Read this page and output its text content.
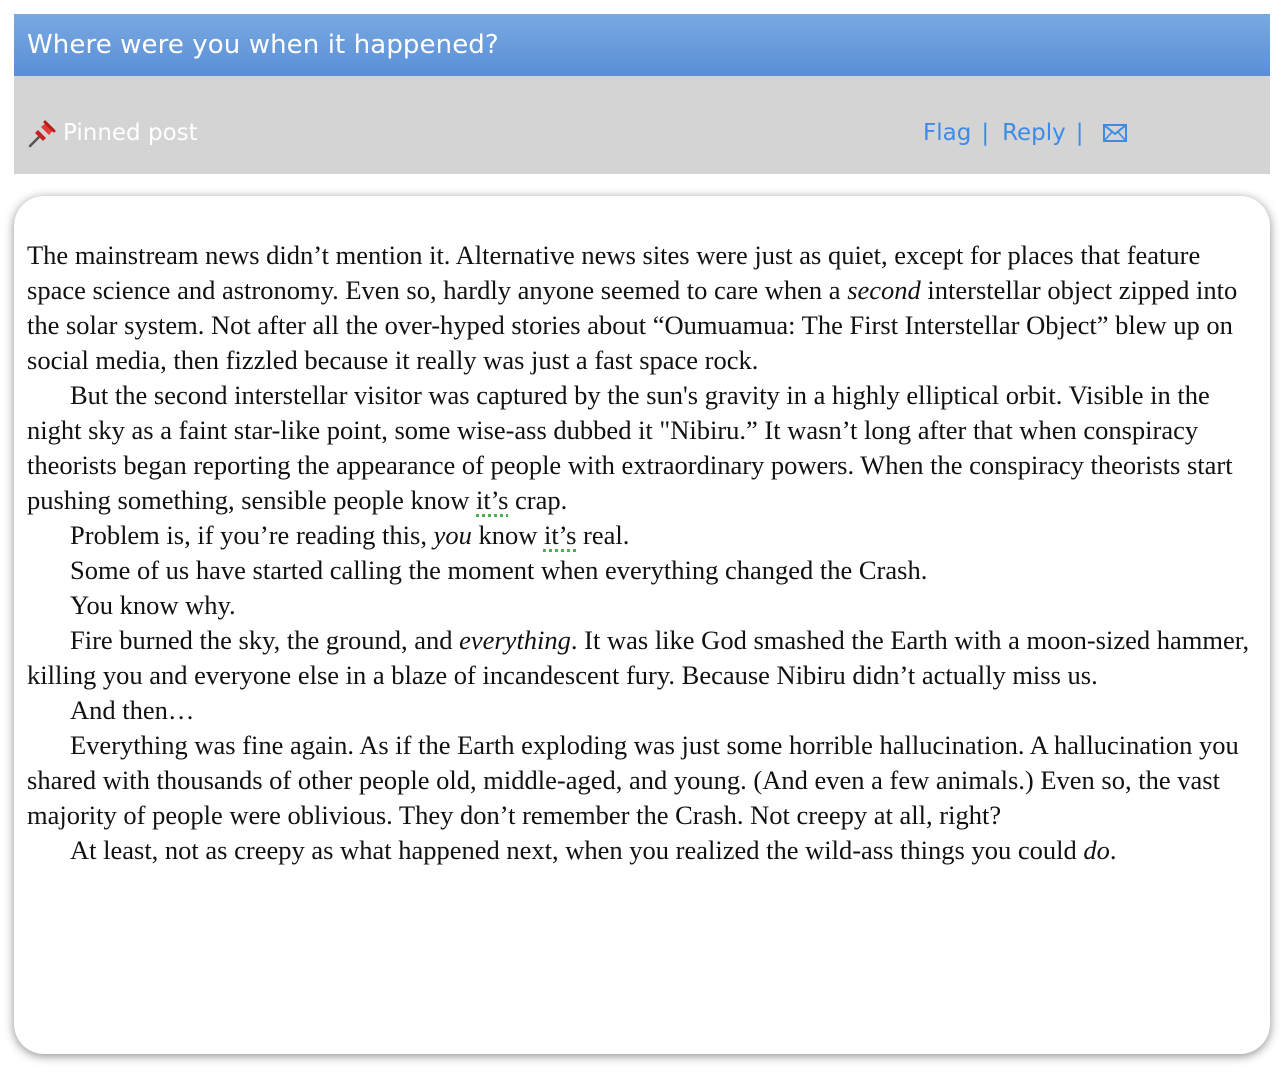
Where were you when it happened?
Pinned post	Flag | Reply |

The mainstream news didn’t mention it. Alternative news sites were just as quiet, except for places that feature space science and astronomy. Even so, hardly anyone seemed to care when a second interstellar object zipped into the solar system. Not after all the over-hyped stories about “Oumuamua: The First Interstellar Object” blew up on social media, then fizzled because it really was just a fast space rock.

But the second interstellar visitor was captured by the sun's gravity in a highly elliptical orbit. Visible in the night sky as a faint star-like point, some wise-ass dubbed it "Nibiru.” It wasn’t long after that when conspiracy theorists began reporting the appearance of people with extraordinary powers. When the conspiracy theorists start pushing something, sensible people know it’s crap.

Problem is, if you’re reading this, you know it’s real.

Some of us have started calling the moment when everything changed the Crash.

You know why.

Fire burned the sky, the ground, and everything. It was like God smashed the Earth with a moon-sized hammer, killing you and everyone else in a blaze of incandescent fury. Because Nibiru didn’t actually miss us.

And then…

Everything was fine again. As if the Earth exploding was just some horrible hallucination. A hallucination you shared with thousands of other people old, middle-aged, and young. (And even a few animals.) Even so, the vast majority of people were oblivious. They don’t remember the Crash. Not creepy at all, right?

At least, not as creepy as what happened next, when you realized the wild-ass things you could do.
